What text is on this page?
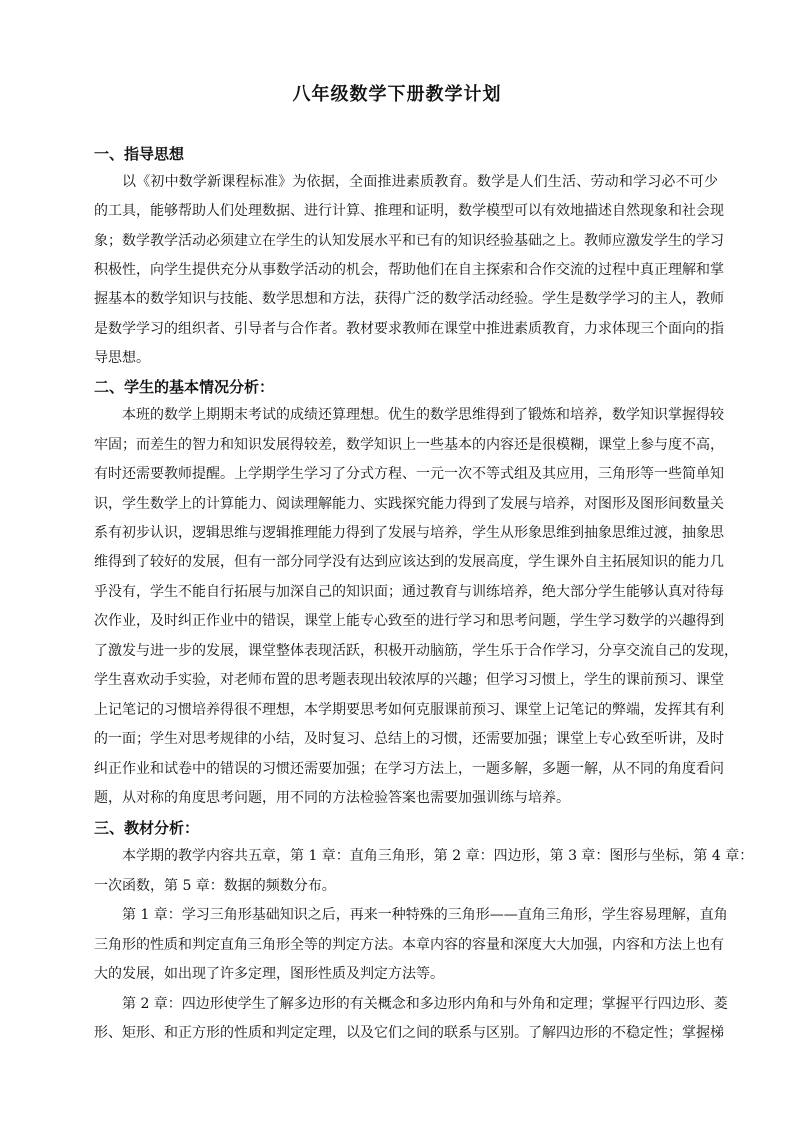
八年级数学下册教学计划
一、指导思想
以《初中数学新课程标准》为依据，全面推进素质教育。数学是人们生活、劳动和学习必不可少
的工具，能够帮助人们处理数据、进行计算、推理和证明，数学模型可以有效地描述自然现象和社会现
象；数学教学活动必须建立在学生的认知发展水平和已有的知识经验基础之上。教师应激发学生的学习
积极性，向学生提供充分从事数学活动的机会，帮助他们在自主探索和合作交流的过程中真正理解和掌
握基本的数学知识与技能、数学思想和方法，获得广泛的数学活动经验。学生是数学学习的主人，教师
是数学学习的组织者、引导者与合作者。教材要求教师在课堂中推进素质教育，力求体现三个面向的指
导思想。
二、学生的基本情况分析：
本班的数学上期期末考试的成绩还算理想。优生的数学思维得到了锻炼和培养，数学知识掌握得较
牢固；而差生的智力和知识发展得较差，数学知识上一些基本的内容还是很模糊，课堂上参与度不高，
有时还需要教师提醒。上学期学生学习了分式方程、一元一次不等式组及其应用，三角形等一些简单知
识，学生数学上的计算能力、阅读理解能力、实践探究能力得到了发展与培养，对图形及图形间数量关
系有初步认识，逻辑思维与逻辑推理能力得到了发展与培养，学生从形象思维到抽象思维过渡，抽象思
维得到了较好的发展，但有一部分同学没有达到应该达到的发展高度，学生课外自主拓展知识的能力几
乎没有，学生不能自行拓展与加深自己的知识面；通过教育与训练培养，绝大部分学生能够认真对待每
次作业，及时纠正作业中的错误，课堂上能专心致至的进行学习和思考问题，学生学习数学的兴趣得到
了激发与进一步的发展，课堂整体表现活跃，积极开动脑筋，学生乐于合作学习，分享交流自己的发现，
学生喜欢动手实验，对老师布置的思考题表现出较浓厚的兴趣；但学习习惯上，学生的课前预习、课堂
上记笔记的习惯培养得很不理想，本学期要思考如何克服课前预习、课堂上记笔记的弊端，发挥其有利
的一面；学生对思考规律的小结，及时复习、总结上的习惯，还需要加强；课堂上专心致至听讲，及时
纠正作业和试卷中的错误的习惯还需要加强；在学习方法上，一题多解，多题一解，从不同的角度看问
题，从对称的角度思考问题，用不同的方法检验答案也需要加强训练与培养。
三、教材分析：
本学期的教学内容共五章，第 1 章：直角三角形，第 2 章：四边形，第 3 章：图形与坐标，第 4 章：
一次函数，第 5 章：数据的频数分布。
第 1 章：学习三角形基础知识之后，再来一种特殊的三角形——直角三角形，学生容易理解，直角
三角形的性质和判定直角三角形全等的判定方法。本章内容的容量和深度大大加强，内容和方法上也有
大的发展，如出现了许多定理，图形性质及判定方法等。
第 2 章：四边形使学生了解多边形的有关概念和多边形内角和与外角和定理；掌握平行四边形、菱
形、矩形、和正方形的性质和判定定理，以及它们之间的联系与区别。了解四边形的不稳定性；掌握梯
